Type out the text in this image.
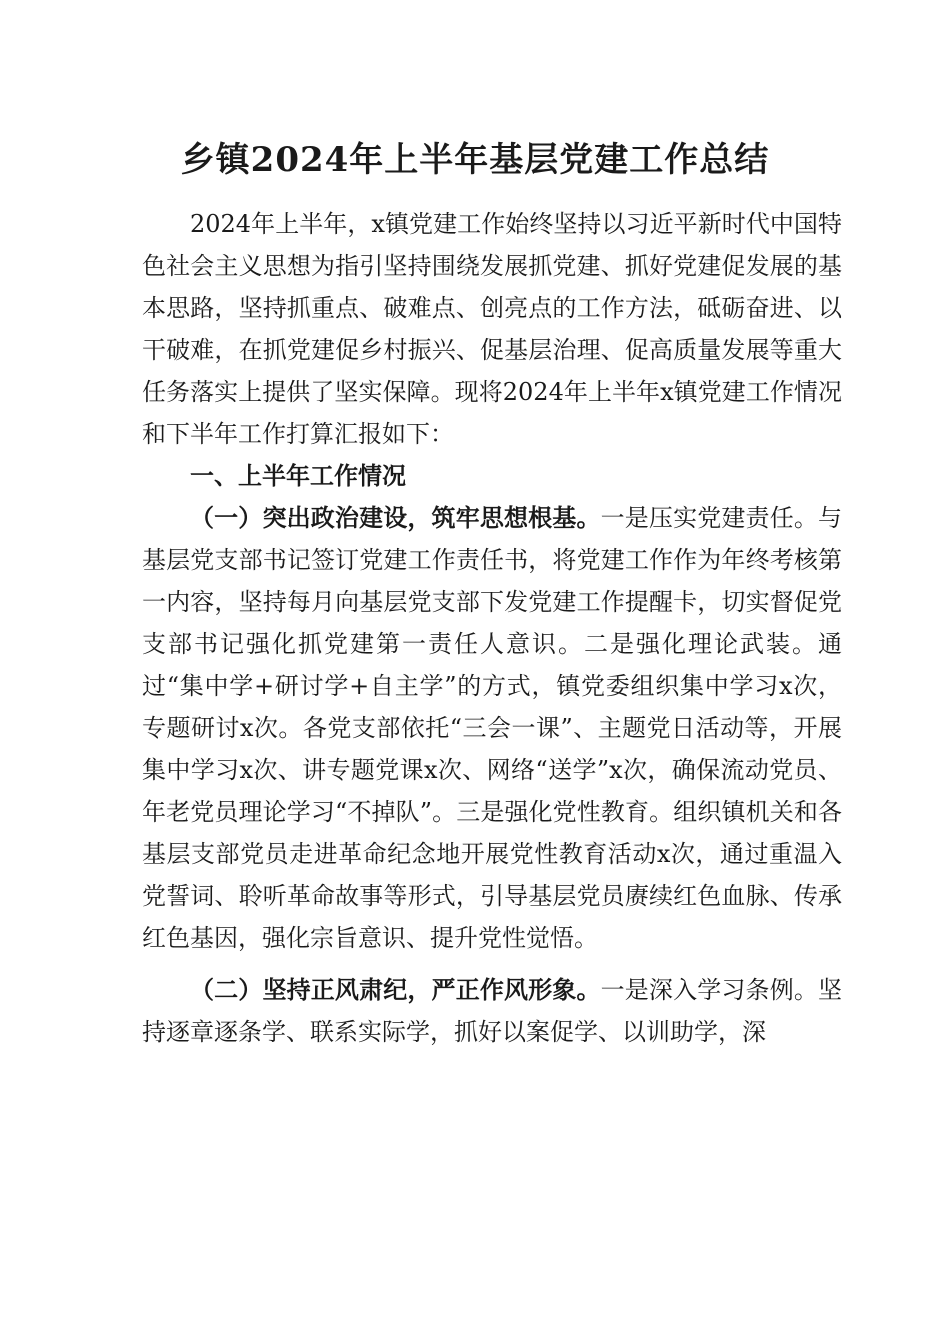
乡镇2024年上半年基层党建工作总结

2024年上半年，x镇党建工作始终坚持以习近平新时代中国特色社会主义思想为指引坚持围绕发展抓党建、抓好党建促发展的基本思路，坚持抓重点、破难点、创亮点的工作方法，砥砺奋进、以干破难，在抓党建促乡村振兴、促基层治理、促高质量发展等重大任务落实上提供了坚实保障。现将2024年上半年x镇党建工作情况和下半年工作打算汇报如下：

一、上半年工作情况

（一）突出政治建设，筑牢思想根基。一是压实党建责任。与基层党支部书记签订党建工作责任书，将党建工作作为年终考核第一内容，坚持每月向基层党支部下发党建工作提醒卡，切实督促党支部书记强化抓党建第一责任人意识。二是强化理论武装。通过“集中学+研讨学+自主学”的方式，镇党委组织集中学习x次，专题研讨x次。各党支部依托“三会一课”、主题党日活动等，开展集中学习x次、讲专题党课x次、网络“送学”x次，确保流动党员、年老党员理论学习“不掉队”。三是强化党性教育。组织镇机关和各基层支部党员走进革命纪念地开展党性教育活动x次，通过重温入党誓词、聆听革命故事等形式，引导基层党员赓续红色血脉、传承红色基因，强化宗旨意识、提升党性觉悟。

（二）坚持正风肃纪，严正作风形象。一是深入学习条例。坚持逐章逐条学、联系实际学，抓好以案促学、以训助学，深
